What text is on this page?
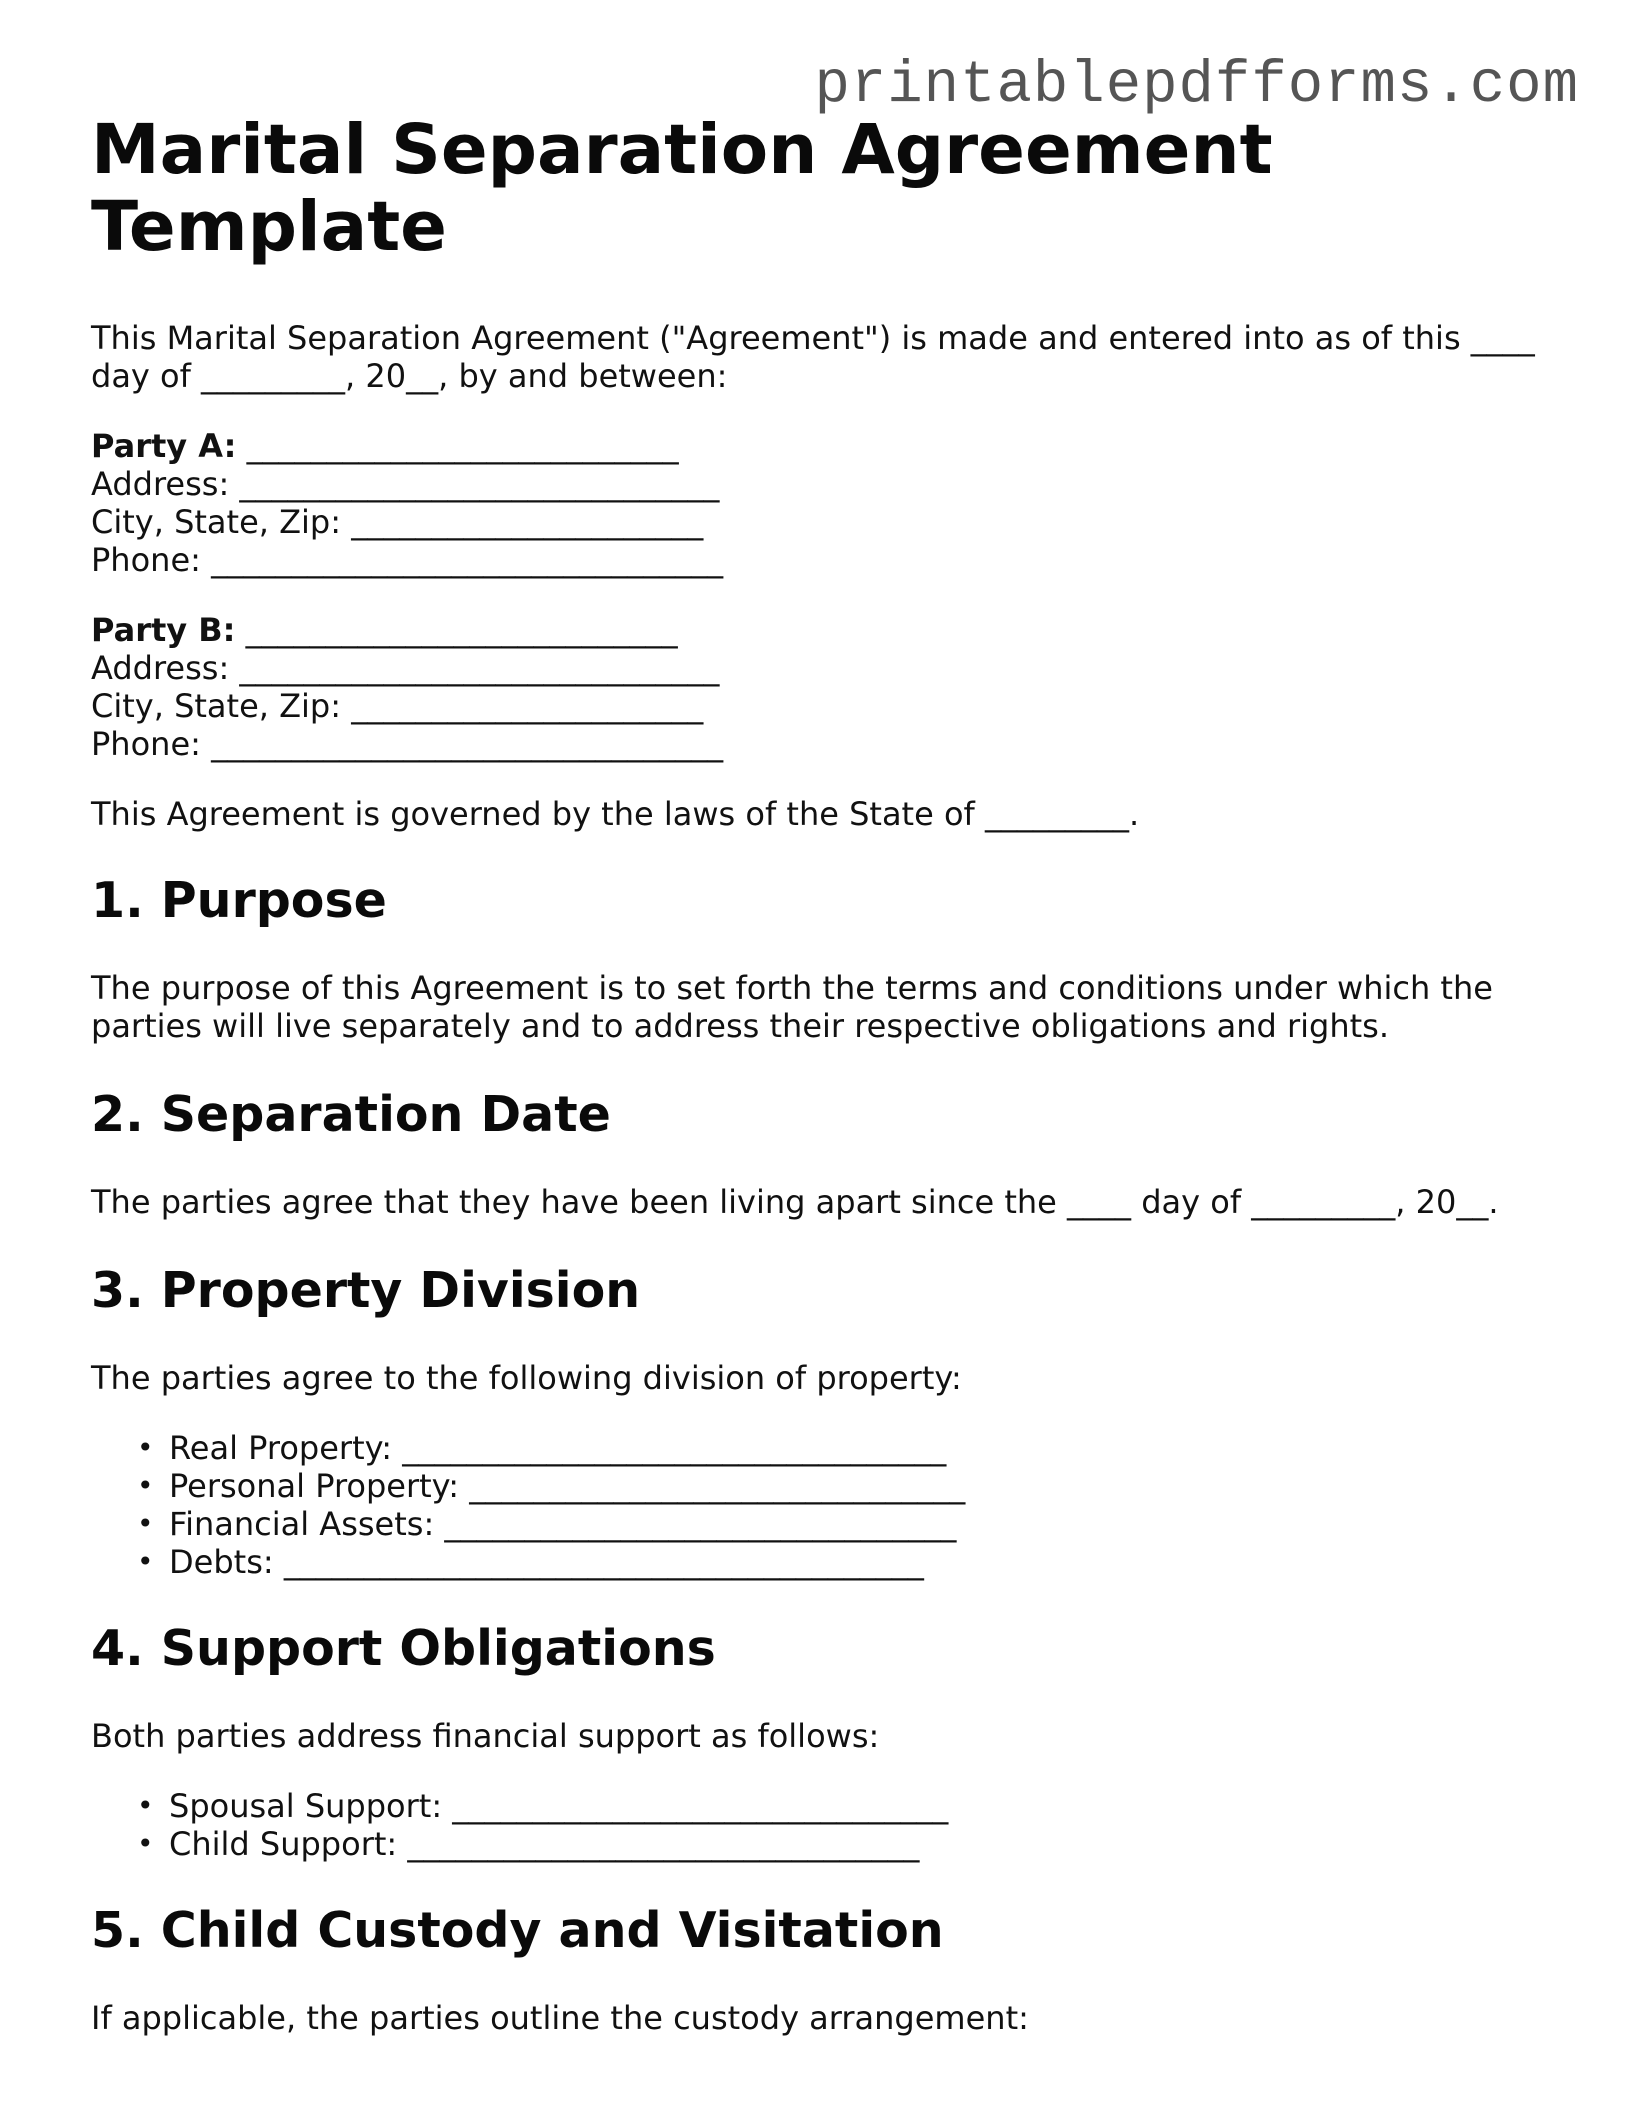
printablepdfforms.com
Marital Separation Agreement Template

This Marital Separation Agreement ("Agreement") is made and entered into as of this ____ day of _________, 20__, by and between:

Party A: ___________________________
Address: ______________________________
City, State, Zip: ______________________
Phone: ________________________________
Party B: ___________________________
Address: ______________________________
City, State, Zip: ______________________
Phone: ________________________________

This Agreement is governed by the laws of the State of _________.

1. Purpose

The purpose of this Agreement is to set forth the terms and conditions under which the parties will live separately and to address their respective obligations and rights.

2. Separation Date

The parties agree that they have been living apart since the ____ day of _________, 20__.

3. Property Division

The parties agree to the following division of property:

• Real Property: __________________________________
• Personal Property: _______________________________
• Financial Assets: ________________________________
• Debts: ________________________________________
4. Support Obligations

Both parties address financial support as follows:

• Spousal Support: _______________________________
• Child Support: ________________________________
5. Child Custody and Visitation

If applicable, the parties outline the custody arrangement:
